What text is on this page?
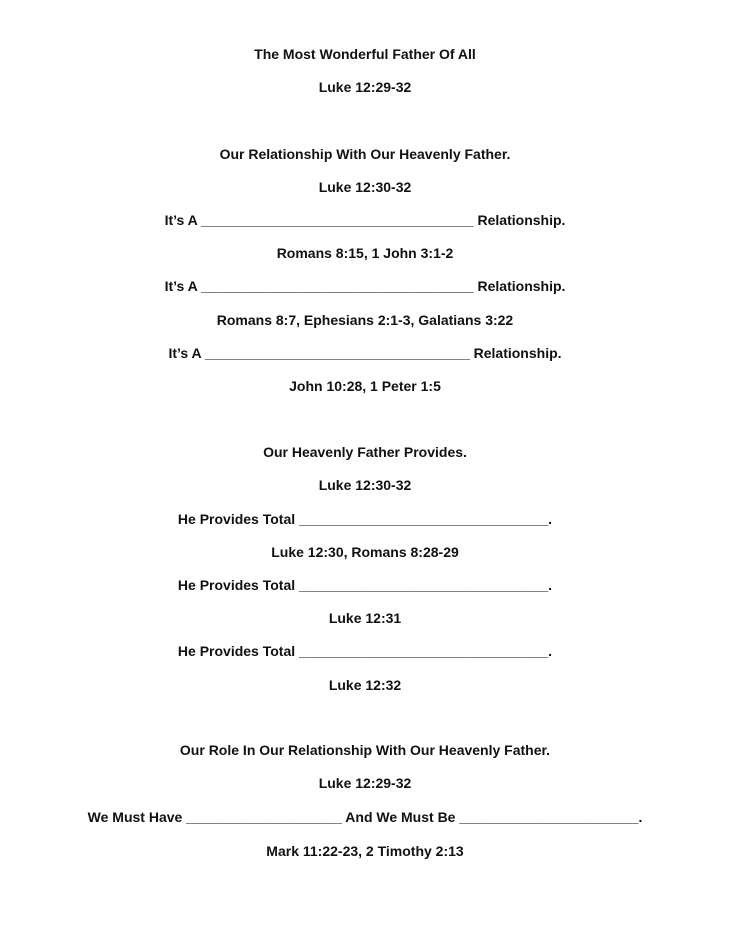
The Most Wonderful Father Of All
Luke 12:29-32
Our Relationship With Our Heavenly Father.
Luke 12:30-32
It’s A ___________________________________ Relationship.
Romans 8:15, 1 John 3:1-2
It’s A ___________________________________ Relationship.
Romans 8:7, Ephesians 2:1-3, Galatians 3:22
It’s A __________________________________ Relationship.
John 10:28, 1 Peter 1:5
Our Heavenly Father Provides.
Luke 12:30-32
He Provides Total ________________________________.
Luke 12:30, Romans 8:28-29
He Provides Total ________________________________.
Luke 12:31
He Provides Total ________________________________.
Luke 12:32
Our Role In Our Relationship With Our Heavenly Father.
Luke 12:29-32
We Must Have ____________________ And We Must Be _______________________.
Mark 11:22-23, 2 Timothy 2:13
